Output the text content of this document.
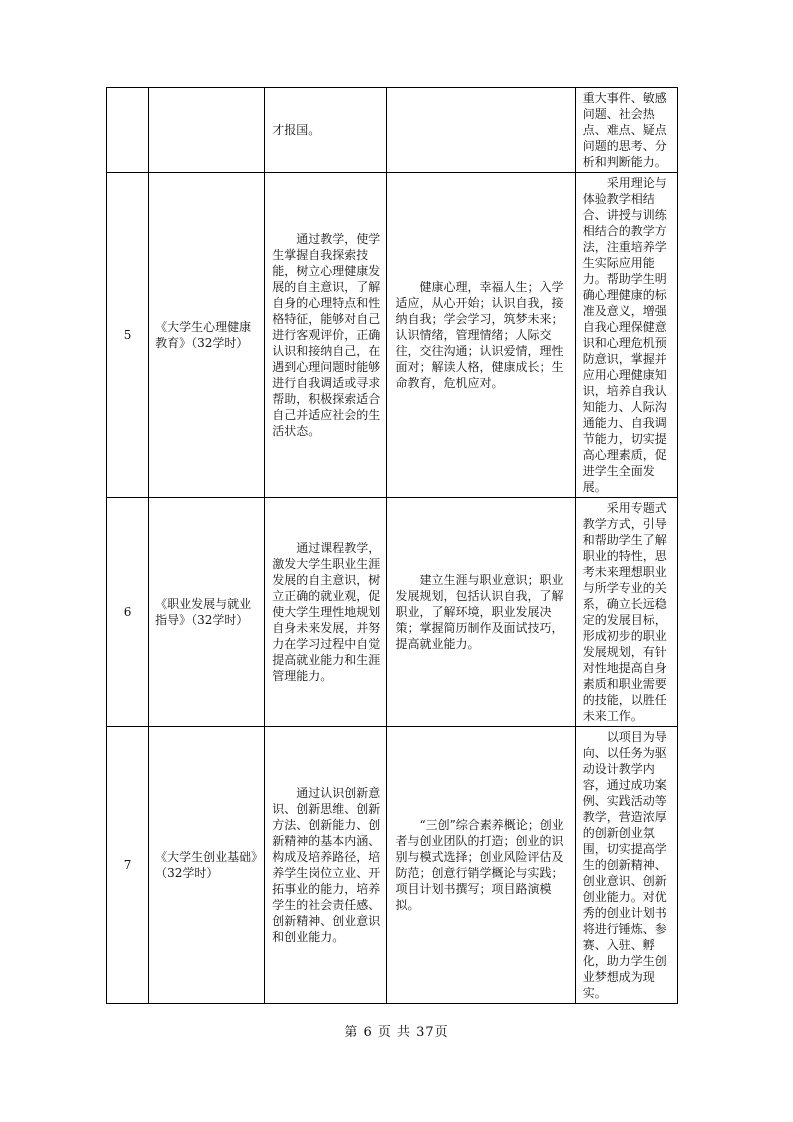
		才报国。		重大事件、敏感问题、社会热点、难点、疑点问题的思考、分析和判断能力。

5	《大学生心理健康教育》（32学时）	通过教学，使学生掌握自我探索技能，树立心理健康发展的自主意识，了解自身的心理特点和性格特征，能够对自己进行客观评价，正确认识和接纳自己，在遇到心理问题时能够进行自我调适或寻求帮助，积极探索适合自己并适应社会的生活状态。	健康心理，幸福人生；入学适应，从心开始；认识自我，接纳自我；学会学习，筑梦未来；认识情绪，管理情绪；人际交往，交往沟通；认识爱情，理性面对；解读人格，健康成长；生命教育，危机应对。	采用理论与体验教学相结合、讲授与训练相结合的教学方法，注重培养学生实际应用能力。帮助学生明确心理健康的标准及意义，增强自我心理保健意识和心理危机预防意识，掌握并应用心理健康知识，培养自我认知能力、人际沟通能力、自我调节能力，切实提高心理素质，促进学生全面发展。

6	《职业发展与就业指导》（32学时）	通过课程教学，激发大学生职业生涯发展的自主意识，树立正确的就业观，促使大学生理性地规划自身未来发展，并努力在学习过程中自觉提高就业能力和生涯管理能力。	建立生涯与职业意识；职业发展规划，包括认识自我，了解职业，了解环境，职业发展决策；掌握简历制作及面试技巧，提高就业能力。	采用专题式教学方式，引导和帮助学生了解职业的特性，思考未来理想职业与所学专业的关系，确立长远稳定的发展目标，形成初步的职业发展规划，有针对性地提高自身素质和职业需要的技能，以胜任未来工作。

7	《大学生创业基础》（32学时）	通过认识创新意识、创新思维、创新方法、创新能力、创新精神的基本内涵、构成及培养路径，培养学生岗位立业、开拓事业的能力，培养学生的社会责任感、创新精神、创业意识和创业能力。	“三创”综合素养概论；创业者与创业团队的打造；创业的识别与模式选择；创业风险评估及防范；创意行销学概论与实践；项目计划书撰写；项目路演模拟。	以项目为导向、以任务为驱动设计教学内容，通过成功案例、实践活动等教学，营造浓厚的创新创业氛围，切实提高学生的创新精神、创业意识、创新创业能力。对优秀的创业计划书将进行锤炼、参赛、入驻、孵化，助力学生创业梦想成为现实。
第 6 页 共 37页
